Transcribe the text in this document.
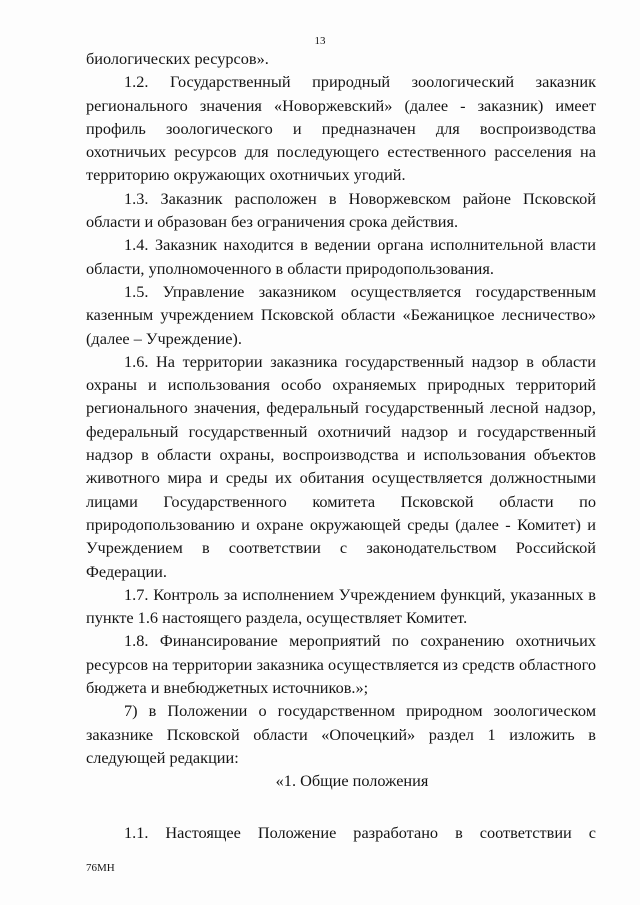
13

биологических ресурсов».

1.2. Государственный природный зоологический заказник регионального значения «Новоржевский» (далее - заказник) имеет профиль зоологического и предназначен для воспроизводства охотничьих ресурсов для последующего естественного расселения на территорию окружающих охотничьих угодий.

1.3. Заказник расположен в Новоржевском районе Псковской области и образован без ограничения срока действия.

1.4. Заказник находится в ведении органа исполнительной власти области, уполномоченного в области природопользования.

1.5. Управление заказником осуществляется государственным казенным учреждением Псковской области «Бежаницкое лесничество» (далее – Учреждение).

1.6. На территории заказника государственный надзор в области охраны и использования особо охраняемых природных территорий регионального значения, федеральный государственный лесной надзор, федеральный государственный охотничий надзор и государственный надзор в области охраны, воспроизводства и использования объектов животного мира и среды их обитания осуществляется должностными лицами Государственного комитета Псковской области по природопользованию и охране окружающей среды (далее - Комитет) и Учреждением в соответствии с законодательством Российской Федерации.

1.7. Контроль за исполнением Учреждением функций, указанных в пункте 1.6 настоящего раздела, осуществляет Комитет.

1.8. Финансирование мероприятий по сохранению охотничьих ресурсов на территории заказника осуществляется из средств областного бюджета и внебюджетных источников.»;

7) в Положении о государственном природном зоологическом заказнике Псковской области «Опочецкий» раздел 1 изложить в следующей редакции:

«1. Общие положения

1.1. Настоящее Положение разработано в соответствии с

76МН
